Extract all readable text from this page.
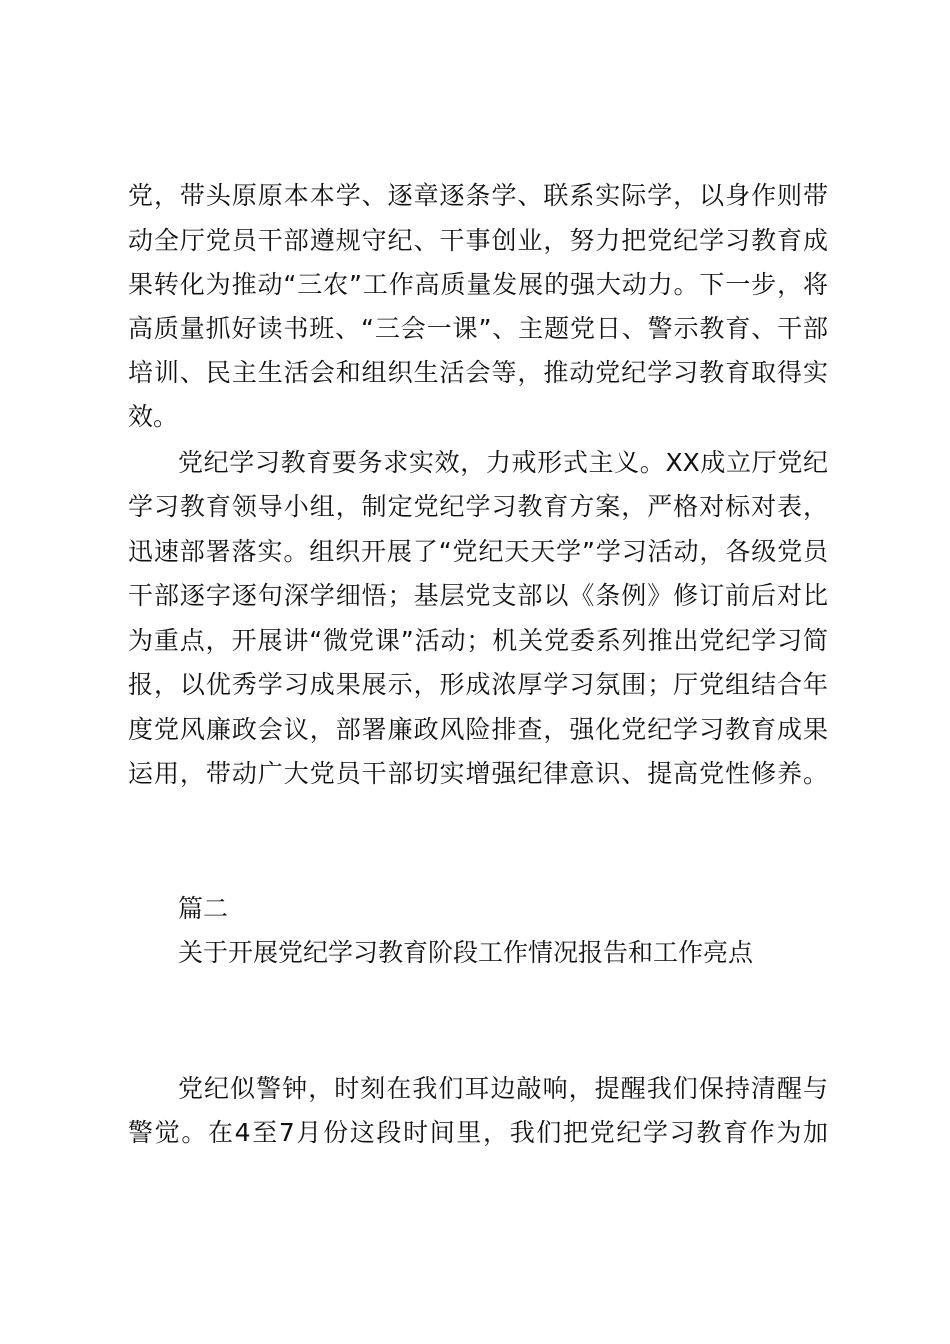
党，带头原原本本学、逐章逐条学、联系实际学，以身作则带
动全厅党员干部遵规守纪、干事创业，努力把党纪学习教育成
果转化为推动“三农”工作高质量发展的强大动力。下一步，将
高质量抓好读书班、“三会一课”、主题党日、警示教育、干部
培训、民主生活会和组织生活会等，推动党纪学习教育取得实
效。
党纪学习教育要务求实效，力戒形式主义。XX成立厅党纪
学习教育领导小组，制定党纪学习教育方案，严格对标对表，
迅速部署落实。组织开展了“党纪天天学”学习活动，各级党员
干部逐字逐句深学细悟；基层党支部以《条例》修订前后对比
为重点，开展讲“微党课”活动；机关党委系列推出党纪学习简
报，以优秀学习成果展示，形成浓厚学习氛围；厅党组结合年
度党风廉政会议，部署廉政风险排查，强化党纪学习教育成果
运用，带动广大党员干部切实增强纪律意识、提高党性修养。
篇二
关于开展党纪学习教育阶段工作情况报告和工作亮点
党纪似警钟，时刻在我们耳边敲响，提醒我们保持清醒与
警觉。在4至7月份这段时间里，我们把党纪学习教育作为加
